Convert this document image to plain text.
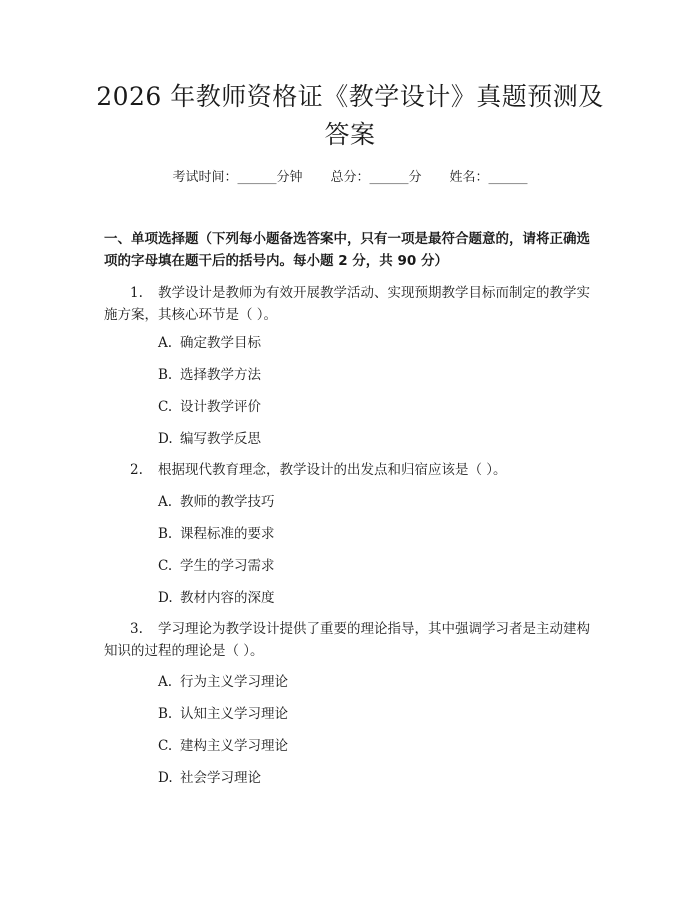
2026 年教师资格证《教学设计》真题预测及答案
考试时间：______分钟 总分：______分 姓名：______
一、单项选择题（下列每小题备选答案中，只有一项是最符合题意的，请将正确选项的字母填在题干后的括号内。每小题 2 分，共 90 分）
1. 教学设计是教师为有效开展教学活动、实现预期教学目标而制定的教学实施方案，其核心环节是（ ）。
A. 确定教学目标
B. 选择教学方法
C. 设计教学评价
D. 编写教学反思
2. 根据现代教育理念，教学设计的出发点和归宿应该是（ ）。
A. 教师的教学技巧
B. 课程标准的要求
C. 学生的学习需求
D. 教材内容的深度
3. 学习理论为教学设计提供了重要的理论指导，其中强调学习者是主动建构知识的过程的理论是（ ）。
A. 行为主义学习理论
B. 认知主义学习理论
C. 建构主义学习理论
D. 社会学习理论
